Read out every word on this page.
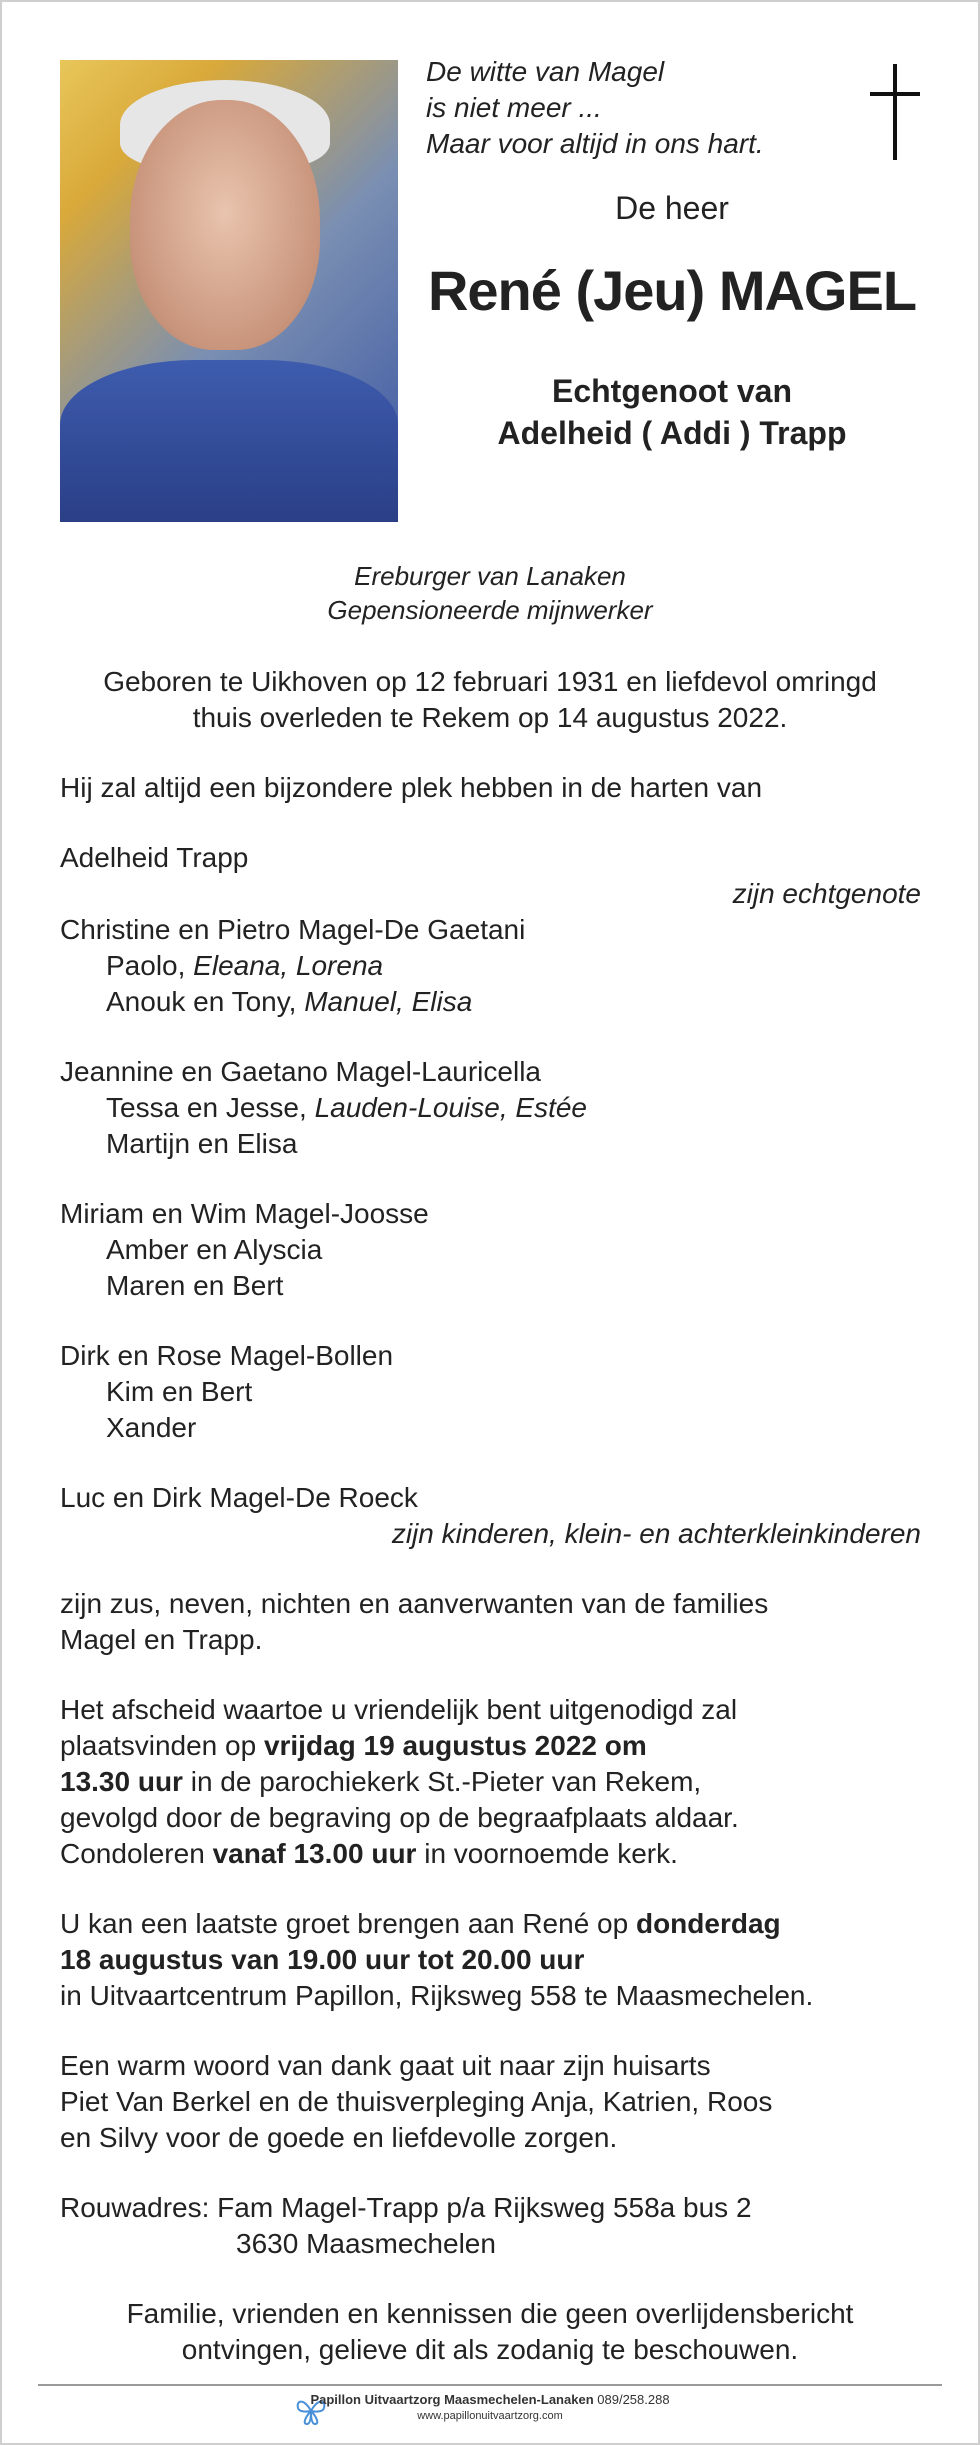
De witte van Magel
is niet meer ...
Maar voor altijd in ons hart.
De heer
René (Jeu) MAGEL
Echtgenoot van
Adelheid ( Addi ) Trapp
Ereburger van Lanaken
Gepensioneerde mijnwerker
Geboren te Uikhoven op 12 februari 1931 en liefdevol omringd
thuis overleden te Rekem op 14 augustus 2022.
Hij zal altijd een bijzondere plek hebben in de harten van
Adelheid Trapp
zijn echtgenote
Christine en Pietro Magel-De Gaetani
Paolo, Eleana, Lorena
Anouk en Tony, Manuel, Elisa
Jeannine en Gaetano Magel-Lauricella
Tessa en Jesse, Lauden-Louise, Estée
Martijn en Elisa
Miriam en Wim Magel-Joosse
Amber en Alyscia
Maren en Bert
Dirk en Rose Magel-Bollen
Kim en Bert
Xander
Luc en Dirk Magel-De Roeck
zijn kinderen, klein- en achterkleinkinderen
zijn zus, neven, nichten en aanverwanten van de families
Magel en Trapp.
Het afscheid waartoe u vriendelijk bent uitgenodigd zal
plaatsvinden op vrijdag 19 augustus 2022 om
13.30 uur in de parochiekerk St.-Pieter van Rekem,
gevolgd door de begraving op de begraafplaats aldaar.
Condoleren vanaf 13.00 uur in voornoemde kerk.
U kan een laatste groet brengen aan René op donderdag
18 augustus van 19.00 uur tot 20.00 uur
in Uitvaartcentrum Papillon, Rijksweg 558 te Maasmechelen.
Een warm woord van dank gaat uit naar zijn huisarts
Piet Van Berkel en de thuisverpleging Anja, Katrien, Roos
en Silvy voor de goede en liefdevolle zorgen.
Rouwadres: Fam Magel-Trapp p/a Rijksweg 558a bus 2
3630 Maasmechelen
Familie, vrienden en kennissen die geen overlijdensbericht
ontvingen, gelieve dit als zodanig te beschouwen.
Papillon Uitvaartzorg Maasmechelen-Lanaken 089/258.288
www.papillonuitvaartzorg.com
